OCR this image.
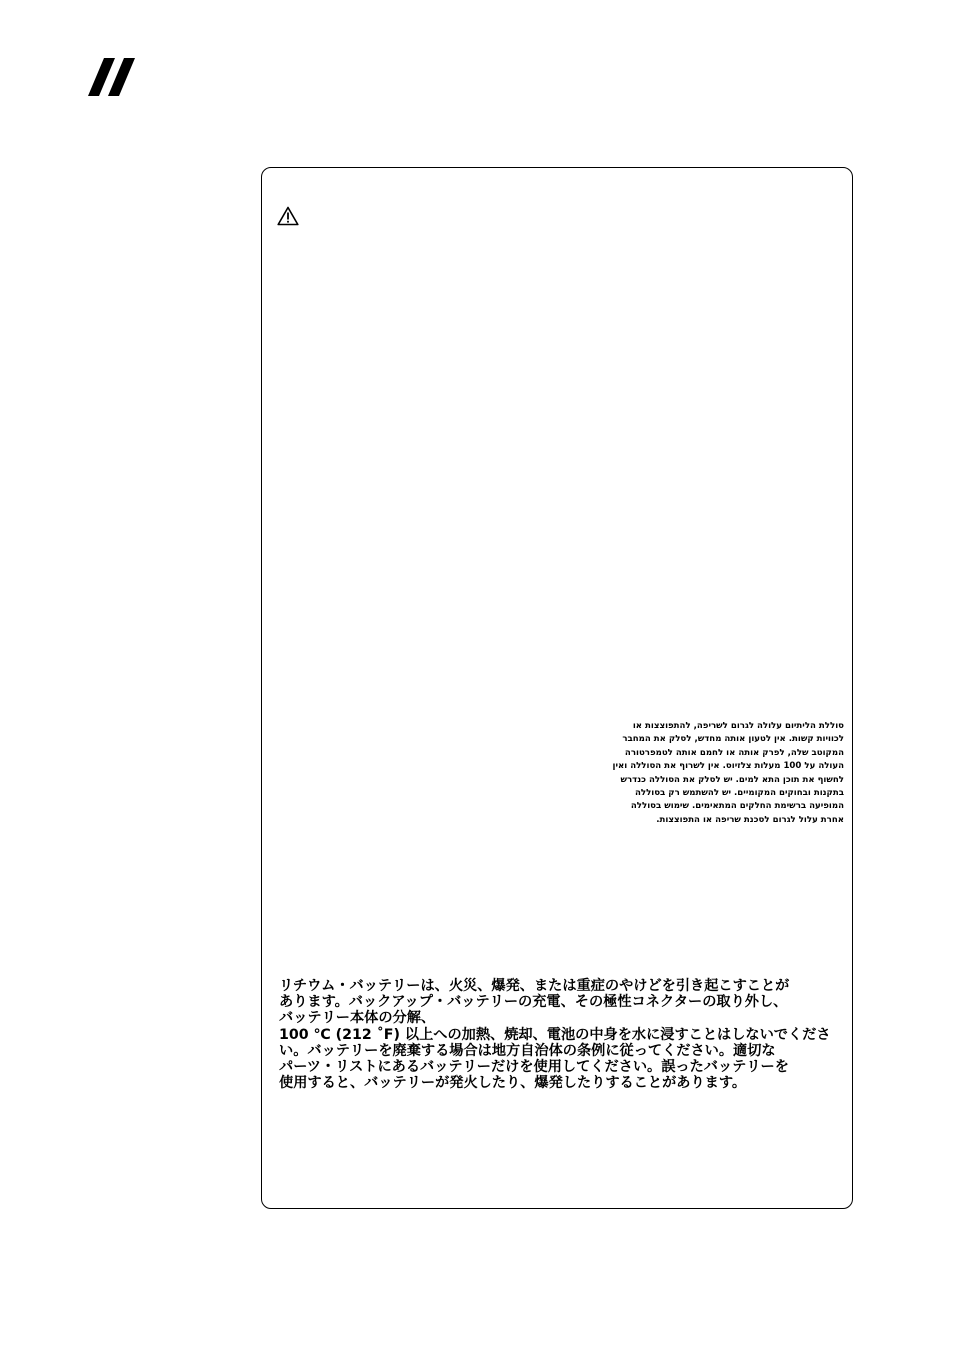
סוללת הליתיום עלולה לגרום לשריפה, להתפוצצות או
לכוויות קשות. אין לטעון אותה מחדש, לסלק את המחבר
המקוטב שלה, לפרק אותה או לחמם אותה לטמפרטורה
העולה על 100 מעלות צלזיוס. אין לשרוף את הסוללה ואין
לחשוף את תוכן התא למים. יש לסלק את הסוללה כנדרש
בתקנות ובחוקים המקומיים. יש להשתמש רק בסוללה
המופיעה ברשימת החלקים המתאימים. שימוש בסוללה
אחרת עלול לגרום לסכנת שריפה או התפוצצות.

リチウム・バッテリーは、火災、爆発、または重症のやけどを引き起こすことが
あります。バックアップ・バッテリーの充電、その極性コネクターの取り外し、
バッテリー本体の分解、
100 ℃ (212 ˚F) 以上への加熱、焼却、電池の中身を水に浸すことはしないでくださ
い。バッテリーを廃棄する場合は地方自治体の条例に従ってください。適切な
パーツ・リストにあるバッテリーだけを使用してください。誤ったバッテリーを
使用すると、バッテリーが発火したり、爆発したりすることがあります。
